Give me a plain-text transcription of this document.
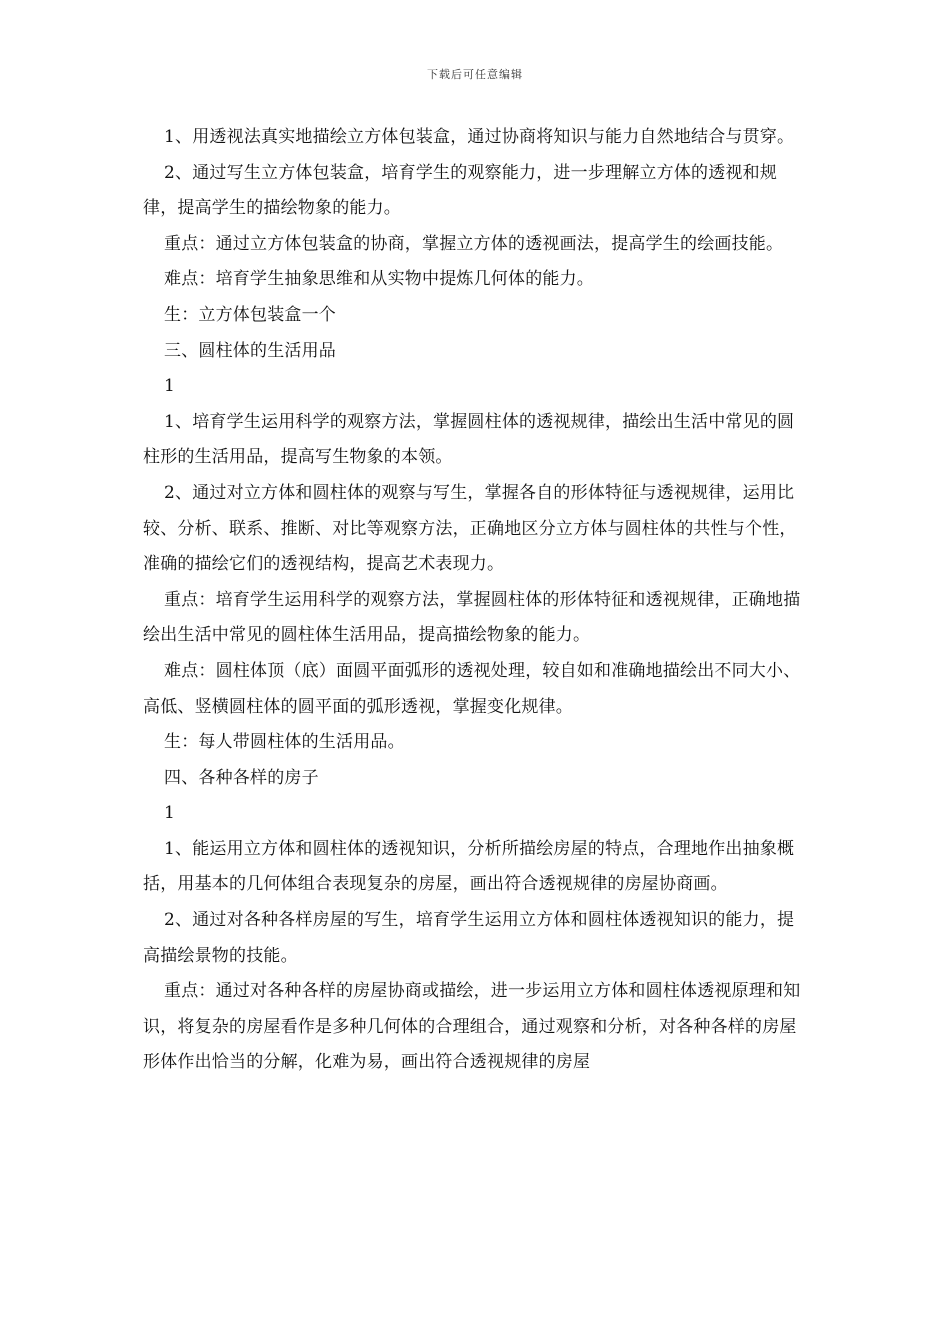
下载后可任意编辑

1、用透视法真实地描绘立方体包装盒，通过协商将知识与能力自然地结合与贯穿。

2、通过写生立方体包装盒，培育学生的观察能力，进一步理解立方体的透视和规律，提高学生的描绘物象的能力。

重点：通过立方体包装盒的协商，掌握立方体的透视画法，提高学生的绘画技能。

难点：培育学生抽象思维和从实物中提炼几何体的能力。

生：立方体包装盒一个

三、圆柱体的生活用品

1

1、培育学生运用科学的观察方法，掌握圆柱体的透视规律，描绘出生活中常见的圆柱形的生活用品，提高写生物象的本领。

2、通过对立方体和圆柱体的观察与写生，掌握各自的形体特征与透视规律，运用比较、分析、联系、推断、对比等观察方法，正确地区分立方体与圆柱体的共性与个性，准确的描绘它们的透视结构，提高艺术表现力。

重点：培育学生运用科学的观察方法，掌握圆柱体的形体特征和透视规律，正确地描绘出生活中常见的圆柱体生活用品，提高描绘物象的能力。

难点：圆柱体顶（底）面圆平面弧形的透视处理，较自如和准确地描绘出不同大小、高低、竖横圆柱体的圆平面的弧形透视，掌握变化规律。

生：每人带圆柱体的生活用品。

四、各种各样的房子

1

1、能运用立方体和圆柱体的透视知识，分析所描绘房屋的特点，合理地作出抽象概括，用基本的几何体组合表现复杂的房屋，画出符合透视规律的房屋协商画。

2、通过对各种各样房屋的写生，培育学生运用立方体和圆柱体透视知识的能力，提高描绘景物的技能。

重点：通过对各种各样的房屋协商或描绘，进一步运用立方体和圆柱体透视原理和知识，将复杂的房屋看作是多种几何体的合理组合，通过观察和分析，对各种各样的房屋形体作出恰当的分解，化难为易，画出符合透视规律的房屋
